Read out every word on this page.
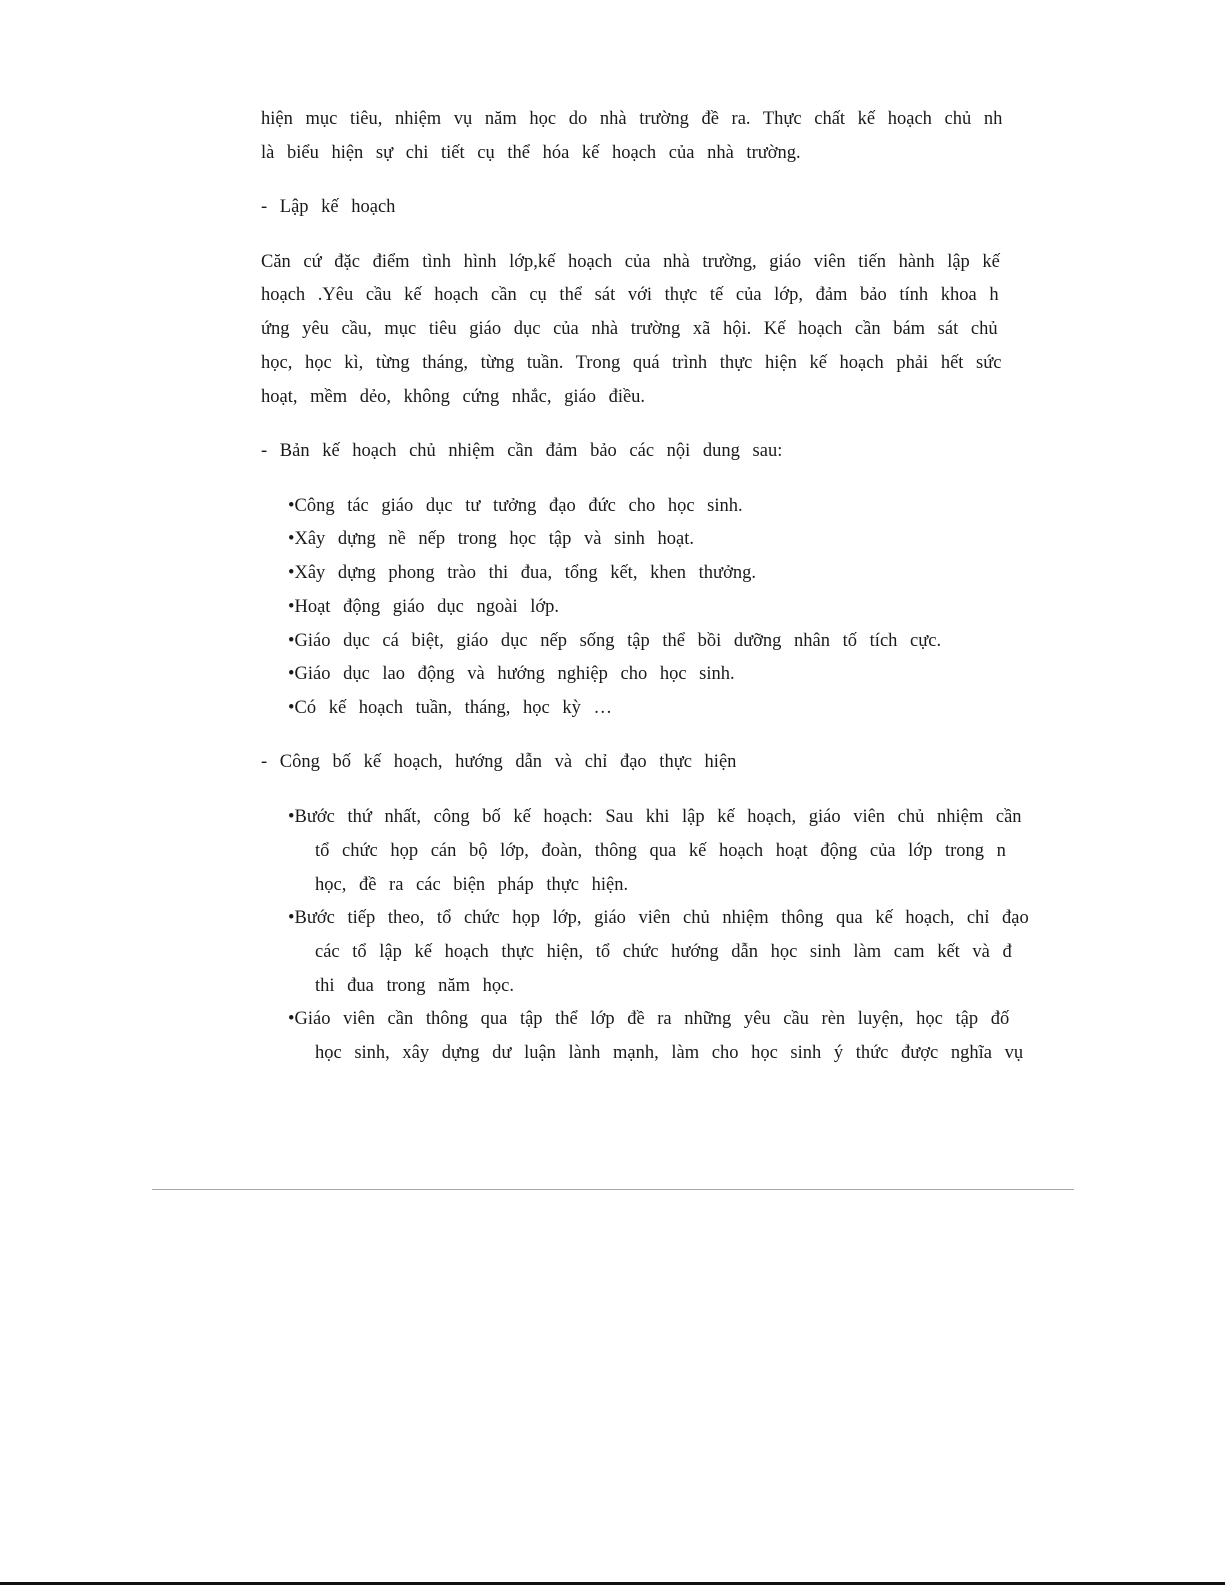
hiện mục tiêu, nhiệm vụ năm học do nhà trường đề ra. Thực chất kế hoạch chủ nh
là biểu hiện sự chi tiết cụ thể hóa kế hoạch của nhà trường.
- Lập kế hoạch
Căn cứ đặc điểm tình hình lớp,kế hoạch của nhà trường, giáo viên tiến hành lập kế
hoạch .Yêu cầu kế hoạch cần cụ thể sát với thực tế của lớp, đảm bảo tính khoa h
ứng yêu cầu, mục tiêu giáo dục của nhà trường xã hội. Kế hoạch cần bám sát chủ
học, học kì, từng tháng, từng tuần. Trong quá trình thực hiện kế hoạch phải hết sức
hoạt, mềm dẻo, không cứng nhắc, giáo điều.
- Bản kế hoạch chủ nhiệm cần đảm bảo các nội dung sau:
•Công tác giáo dục tư tưởng đạo đức cho học sinh.
•Xây dựng nề nếp trong học tập và sinh hoạt.
•Xây dựng phong trào thi đua, tổng kết, khen thưởng.
•Hoạt động giáo dục ngoài lớp.
•Giáo dục cá biệt, giáo dục nếp sống tập thể bồi dưỡng nhân tố tích cực.
•Giáo dục lao động và hướng nghiệp cho học sinh.
•Có kế hoạch tuần, tháng, học kỳ …
- Công bố kế hoạch, hướng dẫn và chỉ đạo thực hiện
•Bước thứ nhất, công bố kế hoạch: Sau khi lập kế hoạch, giáo viên chủ nhiệm cần
tổ chức họp cán bộ lớp, đoàn, thông qua kế hoạch hoạt động của lớp trong n
học, đề ra các biện pháp thực hiện.
•Bước tiếp theo, tổ chức họp lớp, giáo viên chủ nhiệm thông qua kế hoạch, chỉ đạo
các tổ lập kế hoạch thực hiện, tổ chức hướng dẫn học sinh làm cam kết và đ
thi đua trong năm học.
•Giáo viên cần thông qua tập thể lớp đề ra những yêu cầu rèn luyện, học tập đố
học sinh, xây dựng dư luận lành mạnh, làm cho học sinh ý thức được nghĩa vụ
